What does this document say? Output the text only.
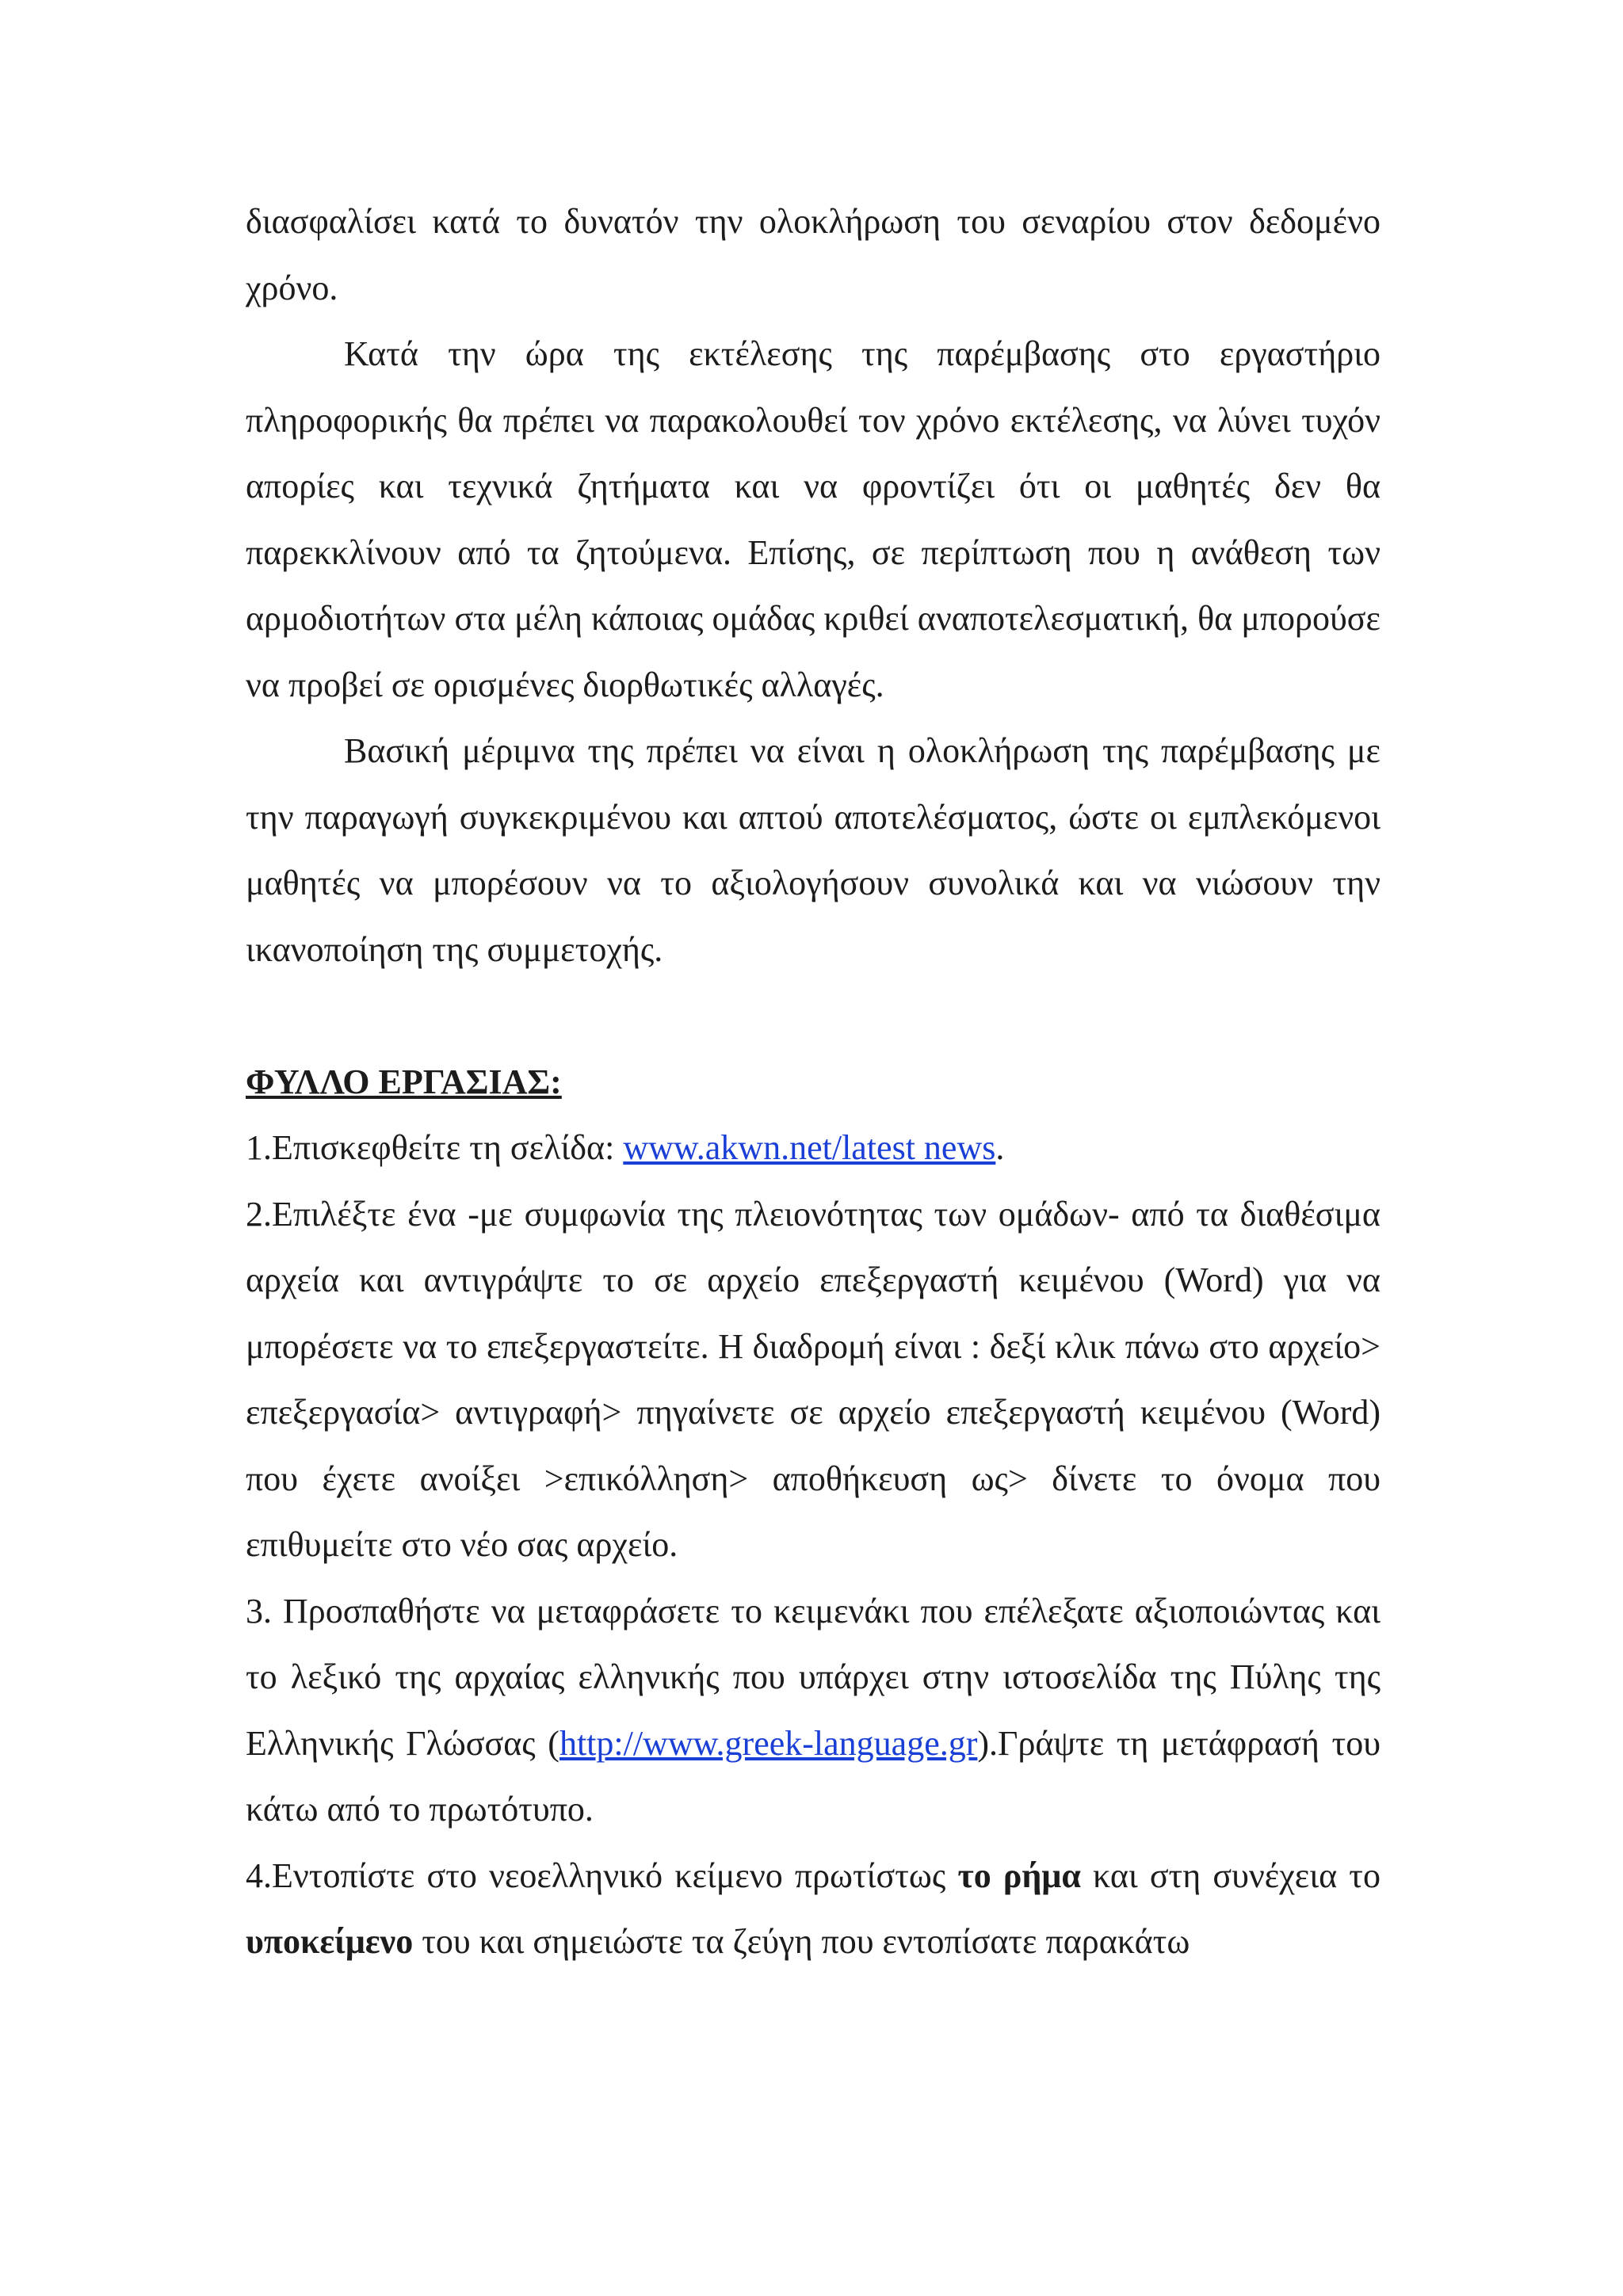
διασφαλίσει κατά το δυνατόν την ολοκλήρωση του σεναρίου στον δεδομένο χρόνο.

Κατά την ώρα της εκτέλεσης της παρέμβασης στο εργαστήριο πληροφορικής θα πρέπει να παρακολουθεί τον χρόνο εκτέλεσης, να λύνει τυχόν απορίες και τεχνικά ζητήματα και να φροντίζει ότι οι μαθητές δεν θα παρεκκλίνουν από τα ζητούμενα. Επίσης, σε περίπτωση που η ανάθεση των αρμοδιοτήτων στα μέλη κάποιας ομάδας κριθεί αναποτελεσματική, θα μπορούσε να προβεί σε ορισμένες διορθωτικές αλλαγές.

Βασική μέριμνα της πρέπει να είναι η ολοκλήρωση της παρέμβασης με την παραγωγή συγκεκριμένου και απτού αποτελέσματος, ώστε οι εμπλεκόμενοι μαθητές να μπορέσουν να το αξιολογήσουν συνολικά και να νιώσουν την ικανοποίηση της συμμετοχής.

ΦΥΛΛΟ ΕΡΓΑΣΙΑΣ:

1.Επισκεφθείτε τη σελίδα: www.akwn.net/latest news.

2.Επιλέξτε ένα -με συμφωνία της πλειονότητας των ομάδων- από τα διαθέσιμα αρχεία και αντιγράψτε το σε αρχείο επεξεργαστή κειμένου (Word) για να μπορέσετε να το επεξεργαστείτε. Η διαδρομή είναι : δεξί κλικ πάνω στο αρχείο> επεξεργασία> αντιγραφή> πηγαίνετε σε αρχείο επεξεργαστή κειμένου (Word) που έχετε ανοίξει >επικόλληση> αποθήκευση ως> δίνετε το όνομα που επιθυμείτε στο νέο σας αρχείο.

3. Προσπαθήστε να μεταφράσετε το κειμενάκι που επέλεξατε αξιοποιώντας και το λεξικό της αρχαίας ελληνικής που υπάρχει στην ιστοσελίδα της Πύλης της Ελληνικής Γλώσσας (http://www.greek-language.gr).Γράψτε τη μετάφρασή του κάτω από το πρωτότυπο.

4.Εντοπίστε στο νεοελληνικό κείμενο πρωτίστως το ρήμα και στη συνέχεια το υποκείμενο του και σημειώστε τα ζεύγη που εντοπίσατε παρακάτω
